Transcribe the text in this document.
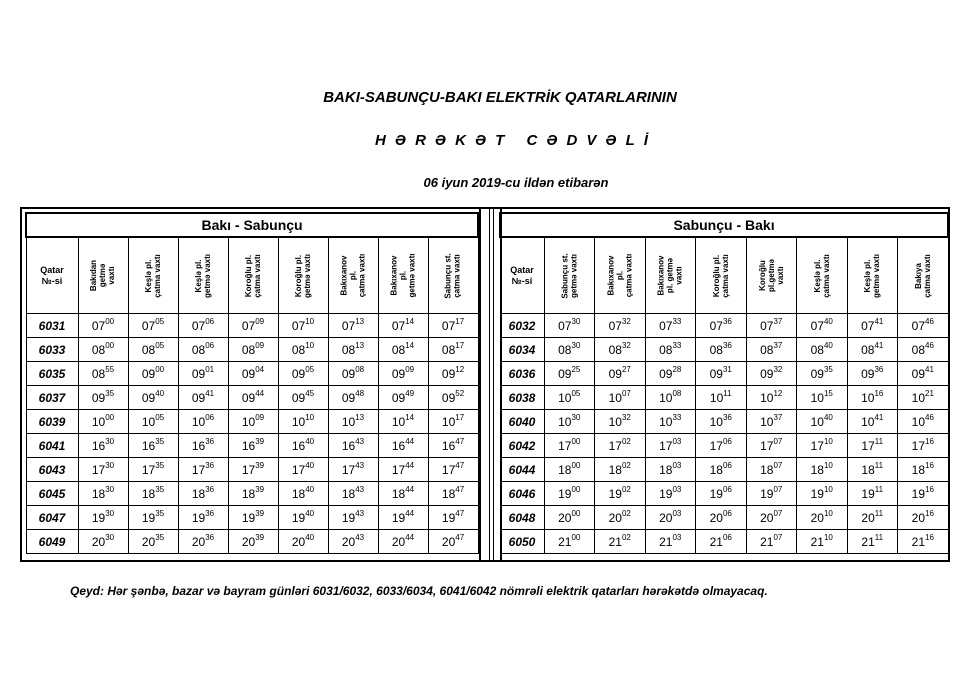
BAKI-SABUNÇU-BAKI ELEKTRİK QATARLARININ
HƏRƏKƏT CƏDVƏLİ
06 iyun 2019-cu ildən etibarən
Bakı - Sabunçu								
Qatar
№-si	Bakıdan
getmə
vaxtı	Keşlə pl.
çatma vaxtı	Keşlə pl.
getmə vaxtı	Koroğlu pl.
çatma vaxtı	Koroğlu pl.
getmə vaxtı	Bakıxanov
pl.
çatma vaxtı	Bakıxanov
pl.
getmə vaxtı	Sabunçu st.
çatma vaxtı
6031	$07^{00}$	$07^{05}$	$07^{06}$	$07^{09}$	$07^{10}$	$07^{13}$	$07^{14}$	$07^{17}$
6033	$08^{00}$	$08^{05}$	$08^{06}$	$08^{09}$	$08^{10}$	$08^{13}$	$08^{14}$	$08^{17}$
6035	$08^{55}$	$09^{00}$	$09^{01}$	$09^{04}$	$09^{05}$	$09^{08}$	$09^{09}$	$09^{12}$
6037	$09^{35}$	$09^{40}$	$09^{41}$	$09^{44}$	$09^{45}$	$09^{48}$	$09^{49}$	$09^{52}$
6039	$10^{00}$	$10^{05}$	$10^{06}$	$10^{09}$	$10^{10}$	$10^{13}$	$10^{14}$	$10^{17}$
6041	$16^{30}$	$16^{35}$	$16^{36}$	$16^{39}$	$16^{40}$	$16^{43}$	$16^{44}$	$16^{47}$
6043	$17^{30}$	$17^{35}$	$17^{36}$	$17^{39}$	$17^{40}$	$17^{43}$	$17^{44}$	$17^{47}$
6045	$18^{30}$	$18^{35}$	$18^{36}$	$18^{39}$	$18^{40}$	$18^{43}$	$18^{44}$	$18^{47}$
6047	$19^{30}$	$19^{35}$	$19^{36}$	$19^{39}$	$19^{40}$	$19^{43}$	$19^{44}$	$19^{47}$
6049	$20^{30}$	$20^{35}$	$20^{36}$	$20^{39}$	$20^{40}$	$20^{43}$	$20^{44}$	$20^{47}$
Sabunçu - Bakı								
Qatar
№-si	Sabunçu st.
getmə vaxtı	Bakıxanov
pl.
çatma vaxtı	Bakıxanov
pl. getmə
vaxtı	Koroğlu pl.
çatma vaxtı	Koroğlu
pl.getmə
vaxtı	Keşlə pl.
çatma vaxtı	Keşlə pl.
getmə vaxtı	Bakıya
çatma vaxtı
6032	$07^{30}$	$07^{32}$	$07^{33}$	$07^{36}$	$07^{37}$	$07^{40}$	$07^{41}$	$07^{46}$
6034	$08^{30}$	$08^{32}$	$08^{33}$	$08^{36}$	$08^{37}$	$08^{40}$	$08^{41}$	$08^{46}$
6036	$09^{25}$	$09^{27}$	$09^{28}$	$09^{31}$	$09^{32}$	$09^{35}$	$09^{36}$	$09^{41}$
6038	$10^{05}$	$10^{07}$	$10^{08}$	$10^{11}$	$10^{12}$	$10^{15}$	$10^{16}$	$10^{21}$
6040	$10^{30}$	$10^{32}$	$10^{33}$	$10^{36}$	$10^{37}$	$10^{40}$	$10^{41}$	$10^{46}$
6042	$17^{00}$	$17^{02}$	$17^{03}$	$17^{06}$	$17^{07}$	$17^{10}$	$17^{11}$	$17^{16}$
6044	$18^{00}$	$18^{02}$	$18^{03}$	$18^{06}$	$18^{07}$	$18^{10}$	$18^{11}$	$18^{16}$
6046	$19^{00}$	$19^{02}$	$19^{03}$	$19^{06}$	$19^{07}$	$19^{10}$	$19^{11}$	$19^{16}$
6048	$20^{00}$	$20^{02}$	$20^{03}$	$20^{06}$	$20^{07}$	$20^{10}$	$20^{11}$	$20^{16}$
6050	$21^{00}$	$21^{02}$	$21^{03}$	$21^{06}$	$21^{07}$	$21^{10}$	$21^{11}$	$21^{16}$
Qeyd: Hər şənbə, bazar və bayram günləri 6031/6032, 6033/6034, 6041/6042 nömrəli elektrik qatarları hərəkətdə olmayacaq.
